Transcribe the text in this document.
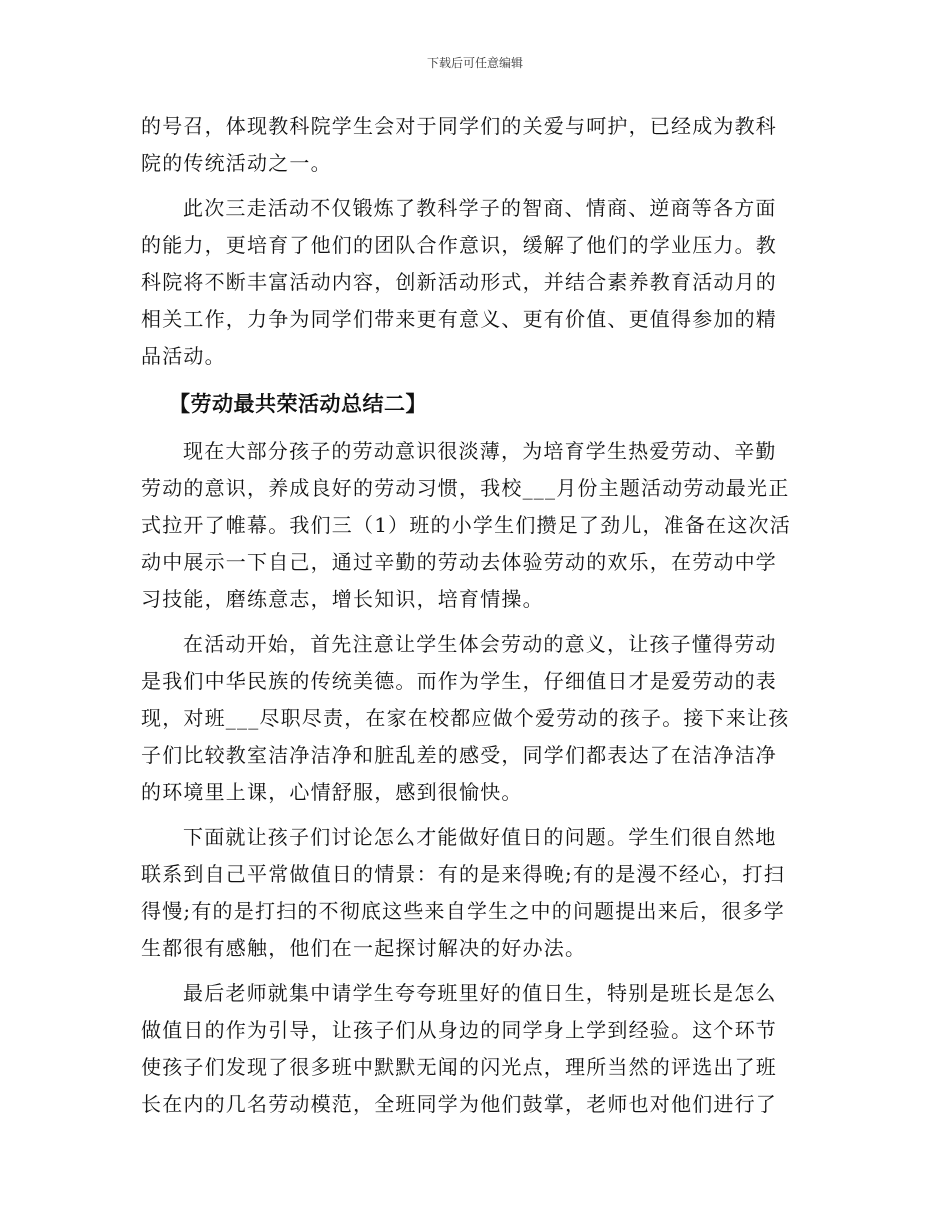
下载后可任意编辑
的号召，体现教科院学生会对于同学们的关爱与呵护，已经成为教科
院的传统活动之一。
此次三走活动不仅锻炼了教科学子的智商、情商、逆商等各方面
的能力，更培育了他们的团队合作意识，缓解了他们的学业压力。教
科院将不断丰富活动内容，创新活动形式，并结合素养教育活动月的
相关工作，力争为同学们带来更有意义、更有价值、更值得参加的精
品活动。
【劳动最共荣活动总结二】
现在大部分孩子的劳动意识很淡薄，为培育学生热爱劳动、辛勤
劳动的意识，养成良好的劳动习惯，我校___月份主题活动劳动最光正
式拉开了帷幕。我们三（1）班的小学生们攒足了劲儿，准备在这次活
动中展示一下自己，通过辛勤的劳动去体验劳动的欢乐，在劳动中学
习技能，磨练意志，增长知识，培育情操。
在活动开始，首先注意让学生体会劳动的意义，让孩子懂得劳动
是我们中华民族的传统美德。而作为学生，仔细值日才是爱劳动的表
现，对班___尽职尽责，在家在校都应做个爱劳动的孩子。接下来让孩
子们比较教室洁净洁净和脏乱差的感受，同学们都表达了在洁净洁净
的环境里上课，心情舒服，感到很愉快。
下面就让孩子们讨论怎么才能做好值日的问题。学生们很自然地
联系到自己平常做值日的情景：有的是来得晚;有的是漫不经心，打扫
得慢;有的是打扫的不彻底这些来自学生之中的问题提出来后，很多学
生都很有感触，他们在一起探讨解决的好办法。
最后老师就集中请学生夸夸班里好的值日生，特别是班长是怎么
做值日的作为引导，让孩子们从身边的同学身上学到经验。这个环节
使孩子们发现了很多班中默默无闻的闪光点，理所当然的评选出了班
长在内的几名劳动模范，全班同学为他们鼓掌，老师也对他们进行了
